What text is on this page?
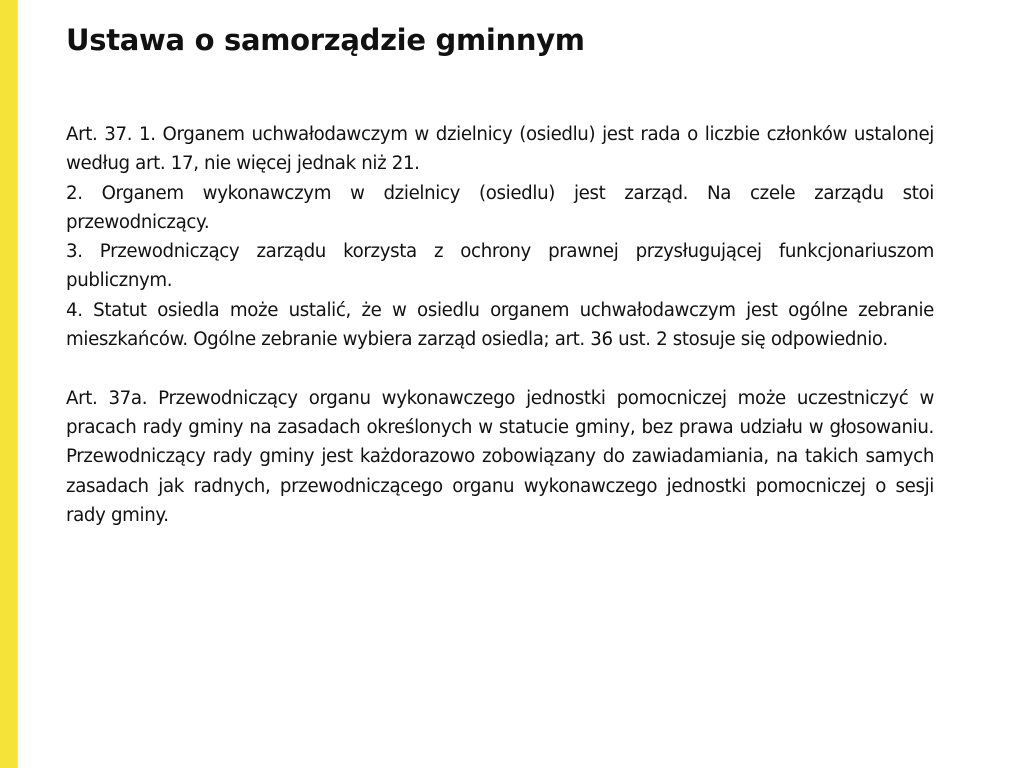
Ustawa o samorządzie gminnym

Art. 37. 1. Organem uchwałodawczym w dzielnicy (osiedlu) jest rada o liczbie członków ustalonej według art. 17, nie więcej jednak niż 21.

2. Organem wykonawczym w dzielnicy (osiedlu) jest zarząd. Na czele zarządu stoi przewodniczący.

3. Przewodniczący zarządu korzysta z ochrony prawnej przysługującej funkcjonariuszom publicznym.

4. Statut osiedla może ustalić, że w osiedlu organem uchwałodawczym jest ogólne zebranie mieszkańców. Ogólne zebranie wybiera zarząd osiedla; art. 36 ust. 2 stosuje się odpowiednio.

Art. 37a. Przewodniczący organu wykonawczego jednostki pomocniczej może uczestniczyć w pracach rady gminy na zasadach określonych w statucie gminy, bez prawa udziału w głosowaniu. Przewodniczący rady gminy jest każdorazowo zobowiązany do zawiadamiania, na takich samych zasadach jak radnych, przewodniczącego organu wykonawczego jednostki pomocniczej o sesji rady gminy.
